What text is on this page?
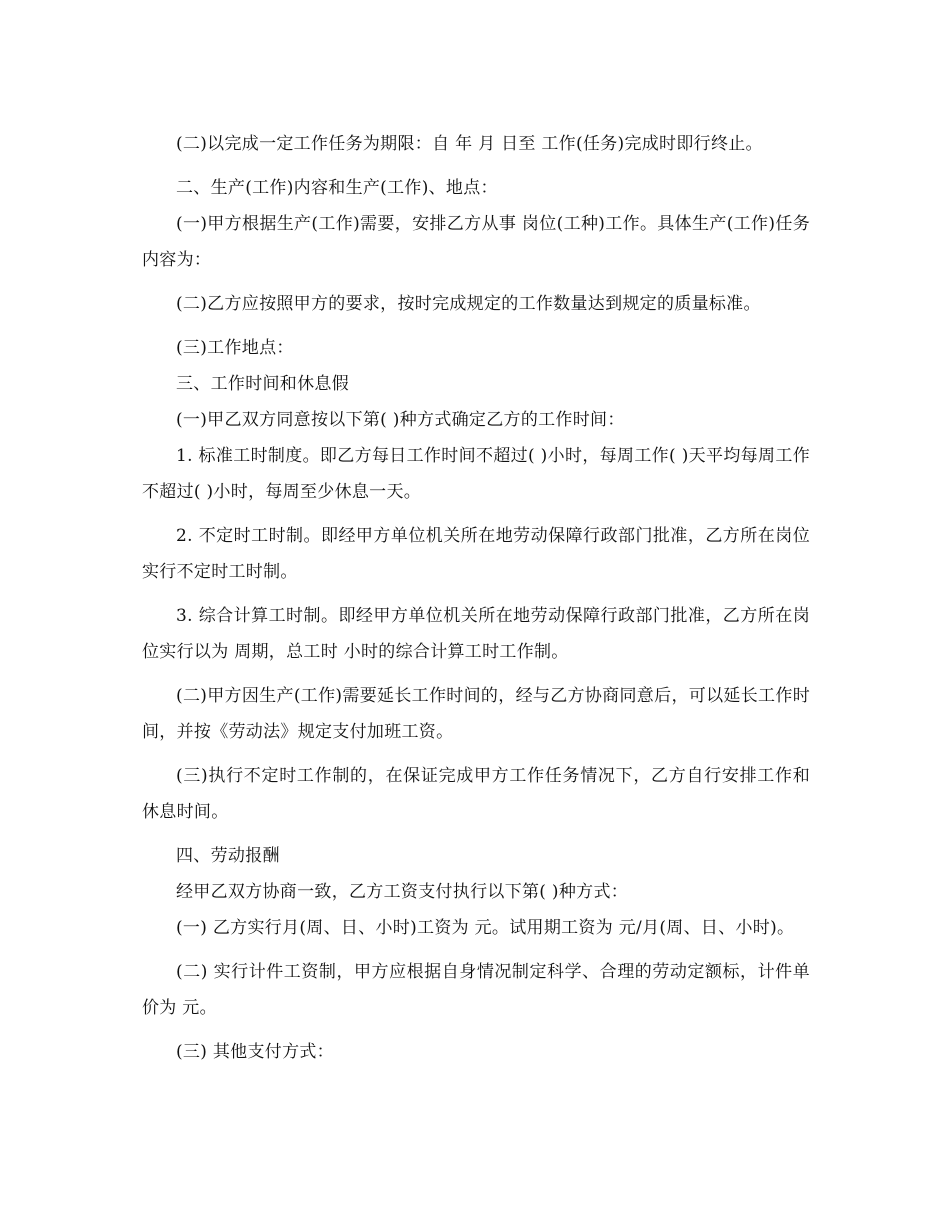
(二)以完成一定工作任务为期限：自 年 月 日至 工作(任务)完成时即行终止。

二、生产(工作)内容和生产(工作)、地点：

(一)甲方根据生产(工作)需要，安排乙方从事 岗位(工种)工作。具体生产(工作)任务内容为：

(二)乙方应按照甲方的要求，按时完成规定的工作数量达到规定的质量标准。

(三)工作地点：

三、工作时间和休息假

(一)甲乙双方同意按以下第( )种方式确定乙方的工作时间：

1. 标准工时制度。即乙方每日工作时间不超过( )小时，每周工作( )天平均每周工作不超过( )小时，每周至少休息一天。

2. 不定时工时制。即经甲方单位机关所在地劳动保障行政部门批准，乙方所在岗位实行不定时工时制。

3. 综合计算工时制。即经甲方单位机关所在地劳动保障行政部门批准，乙方所在岗位实行以为 周期，总工时 小时的综合计算工时工作制。

(二)甲方因生产(工作)需要延长工作时间的，经与乙方协商同意后，可以延长工作时间，并按《劳动法》规定支付加班工资。

(三)执行不定时工作制的，在保证完成甲方工作任务情况下，乙方自行安排工作和休息时间。

四、劳动报酬

经甲乙双方协商一致，乙方工资支付执行以下第( )种方式：

(一) 乙方实行月(周、日、小时)工资为 元。试用期工资为 元/月(周、日、小时)。

(二) 实行计件工资制，甲方应根据自身情况制定科学、合理的劳动定额标，计件单价为 元。

(三) 其他支付方式：
